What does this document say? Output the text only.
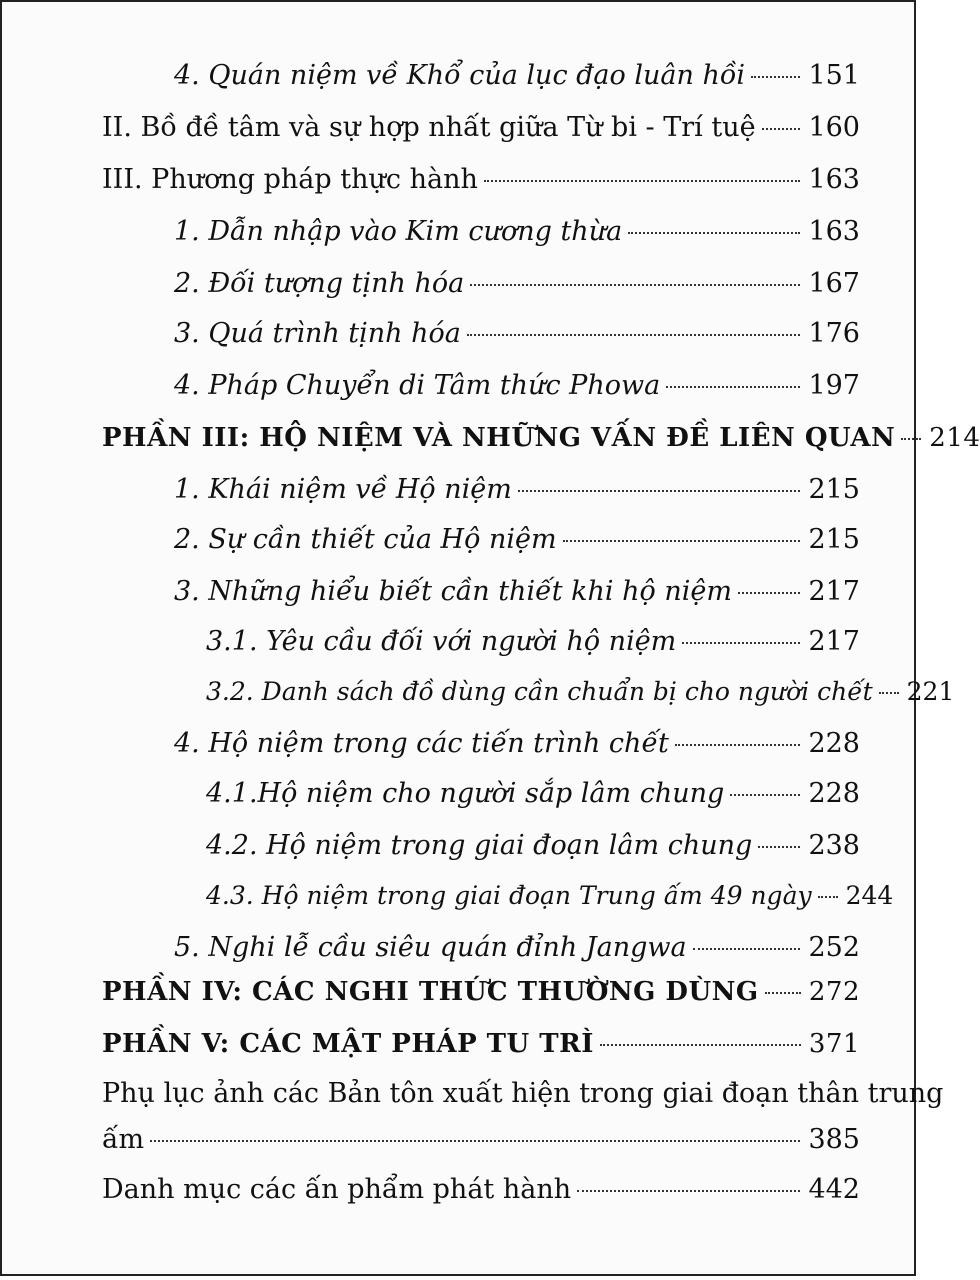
4. Quán niệm về Khổ của lục đạo luân hồi 151
II. Bồ đề tâm và sự hợp nhất giữa Từ bi - Trí tuệ 160
III. Phương pháp thực hành	163
1. Dẫn nhập vào Kim cương thừa	163
2. Đối tượng tịnh hóa	167
3. Quá trình tịnh hóa	176
4. Pháp Chuyển di Tâm thức Phowa	197
PHẦN III: HỘ NIỆM VÀ NHỮNG VẤN ĐỀ LIÊN QUAN 214
1. Khái niệm về Hộ niệm	215
2. Sự cần thiết của Hộ niệm	215
3. Những hiểu biết cần thiết khi hộ niệm	217
3.1. Yêu cầu đối với người hộ niệm	217
3.2. Danh sách đồ dùng cần chuẩn bị cho người chết 221
4. Hộ niệm trong các tiến trình chết	228
4.1.Hộ niệm cho người sắp lâm chung	228
4.2. Hộ niệm trong giai đoạn lâm chung 238
4.3. Hộ niệm trong giai đoạn Trung ấm 49 ngày 244
5. Nghi lễ cầu siêu quán đỉnh Jangwa	252
PHẦN IV: CÁC NGHI THỨC THƯỜNG DÙNG 272
PHẦN V: CÁC MẬT PHÁP TU TRÌ	371
Phụ lục ảnh các Bản tôn xuất hiện trong giai đoạn thân trung
ấm	385
Danh mục các ấn phẩm phát hành	442
